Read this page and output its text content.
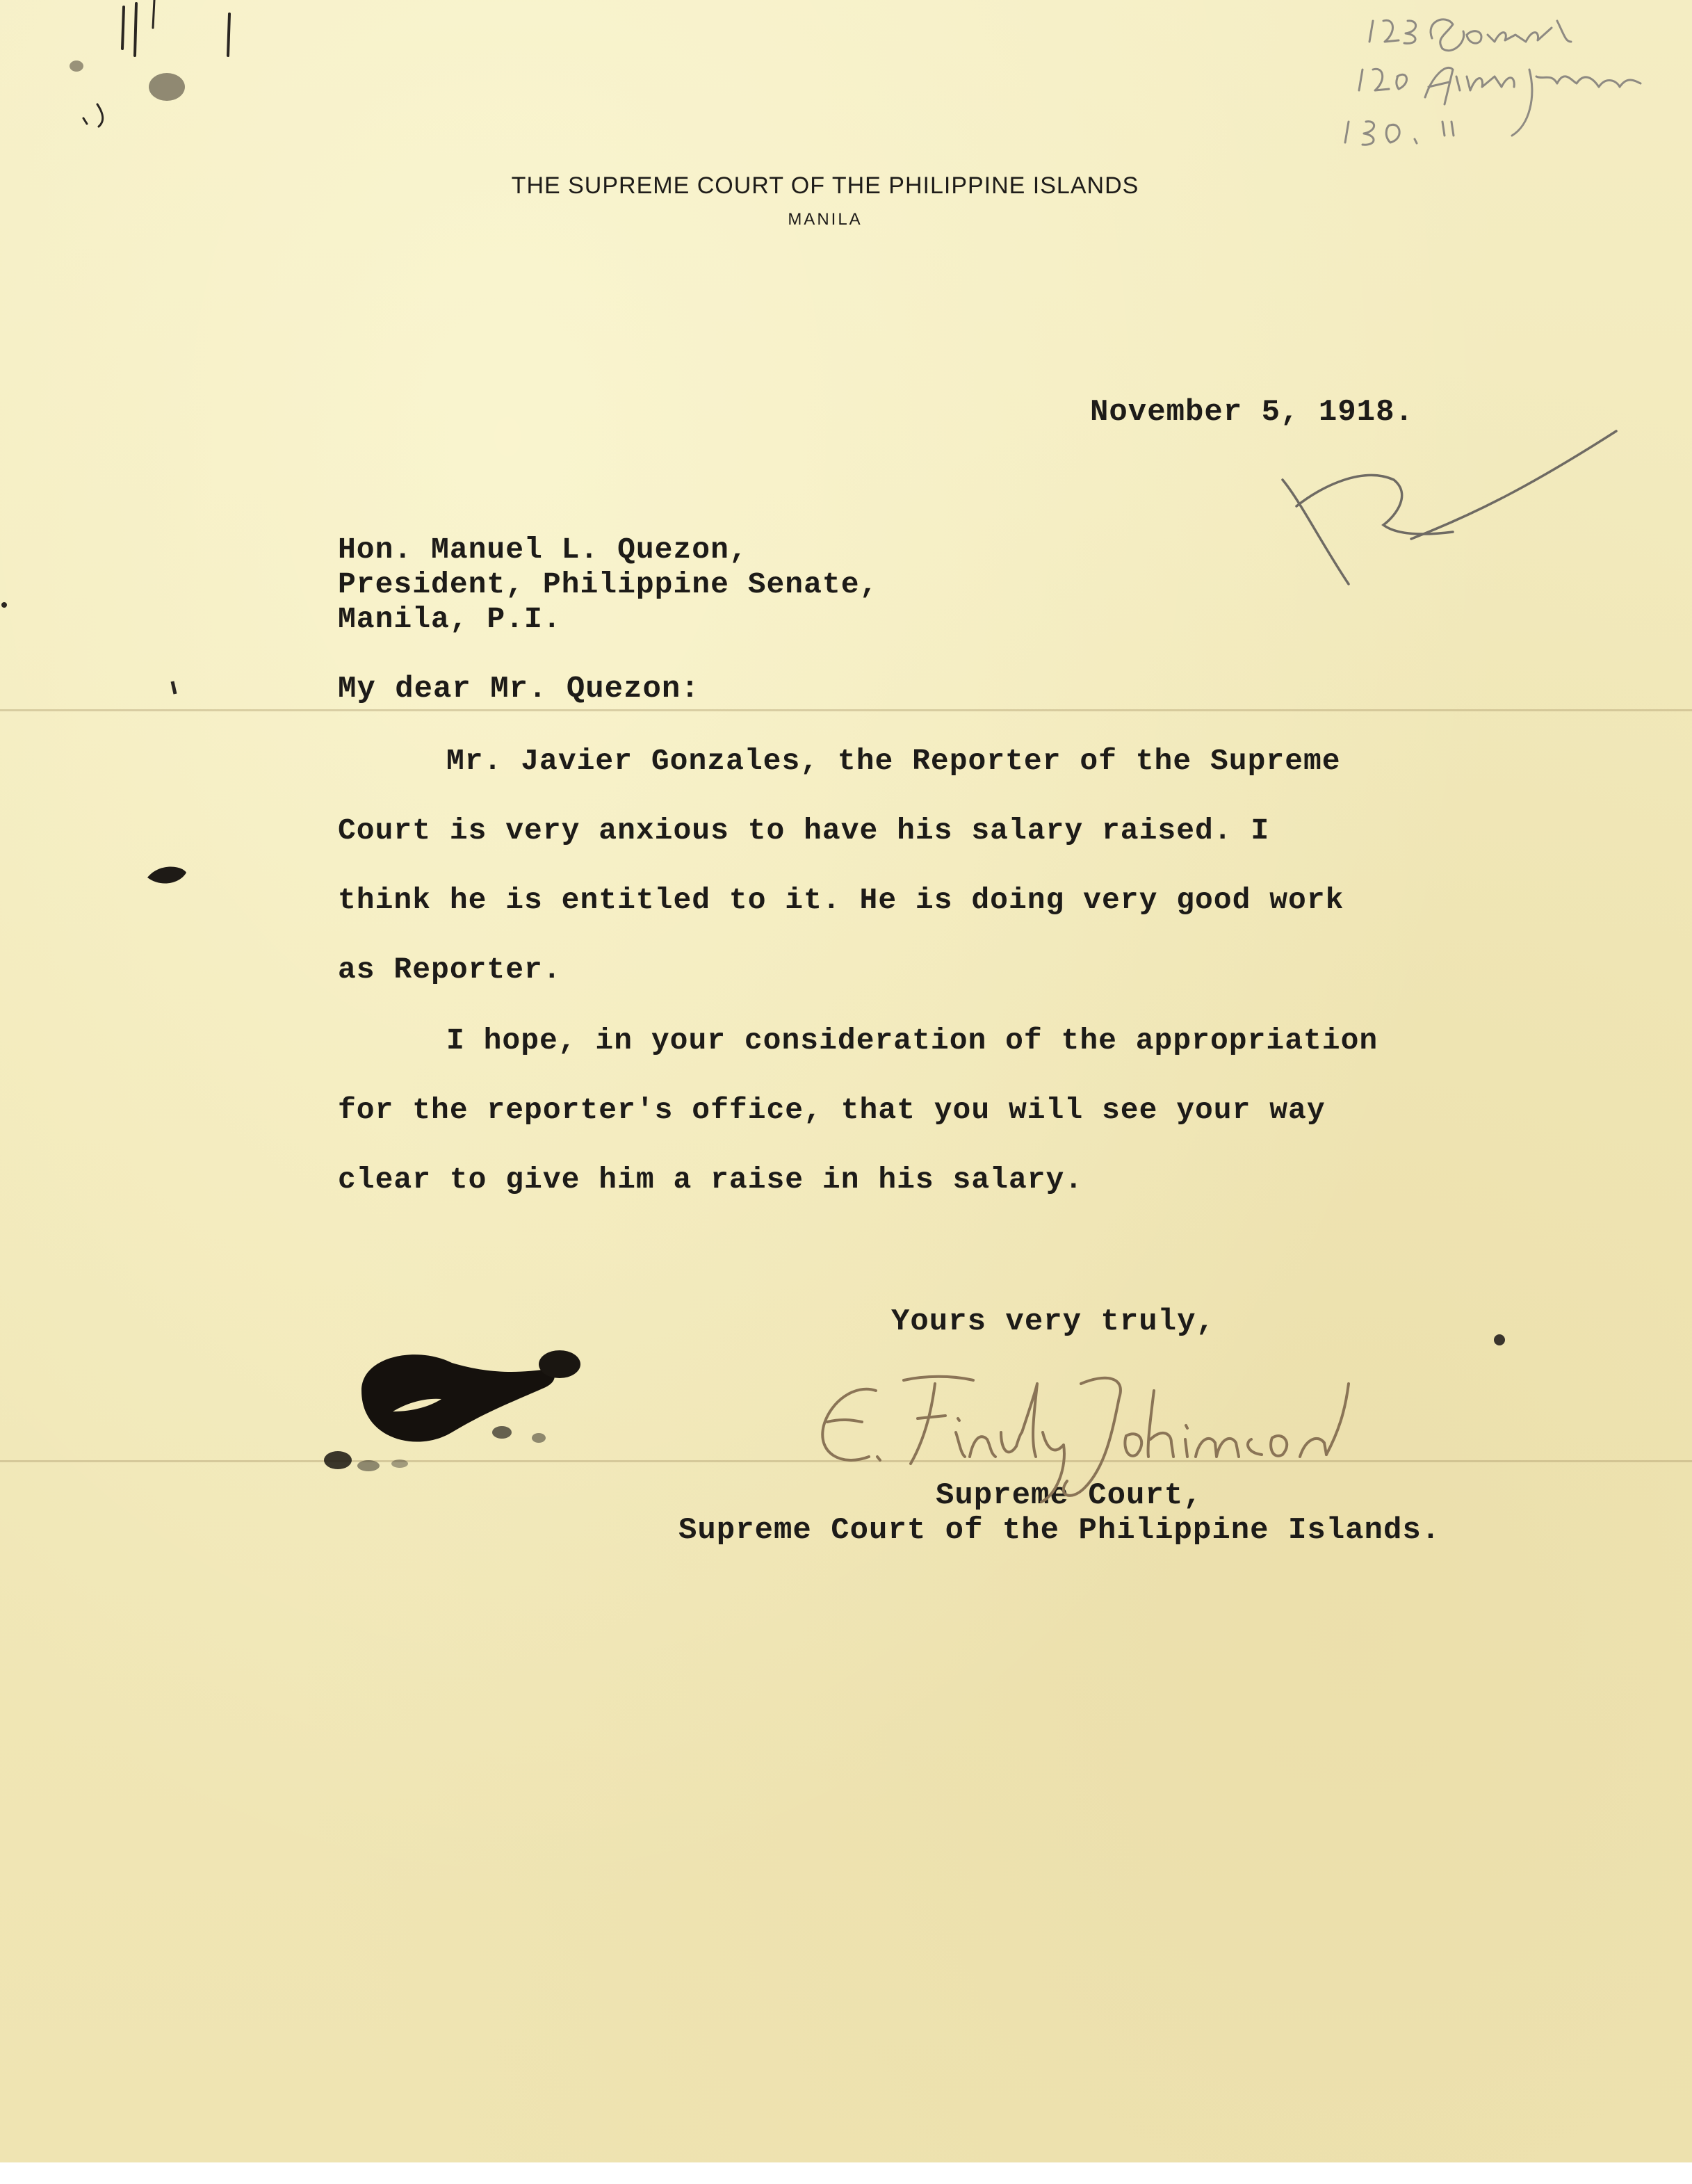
THE SUPREME COURT OF THE PHILIPPINE ISLANDS
MANILA
November 5, 1918.
Hon. Manuel L. Quezon,
President, Philippine Senate,
Manila, P.I.
My dear Mr. Quezon:
Mr. Javier Gonzales, the Reporter of the Supreme
Court is very anxious to have his salary raised. I
think he is entitled to it. He is doing very good work
as Reporter.
I hope, in your consideration of the appropriation
for the reporter's office, that you will see your way
clear to give him a raise in his salary.
Yours very truly,
Supreme Court,
Supreme Court of the Philippine Islands.
